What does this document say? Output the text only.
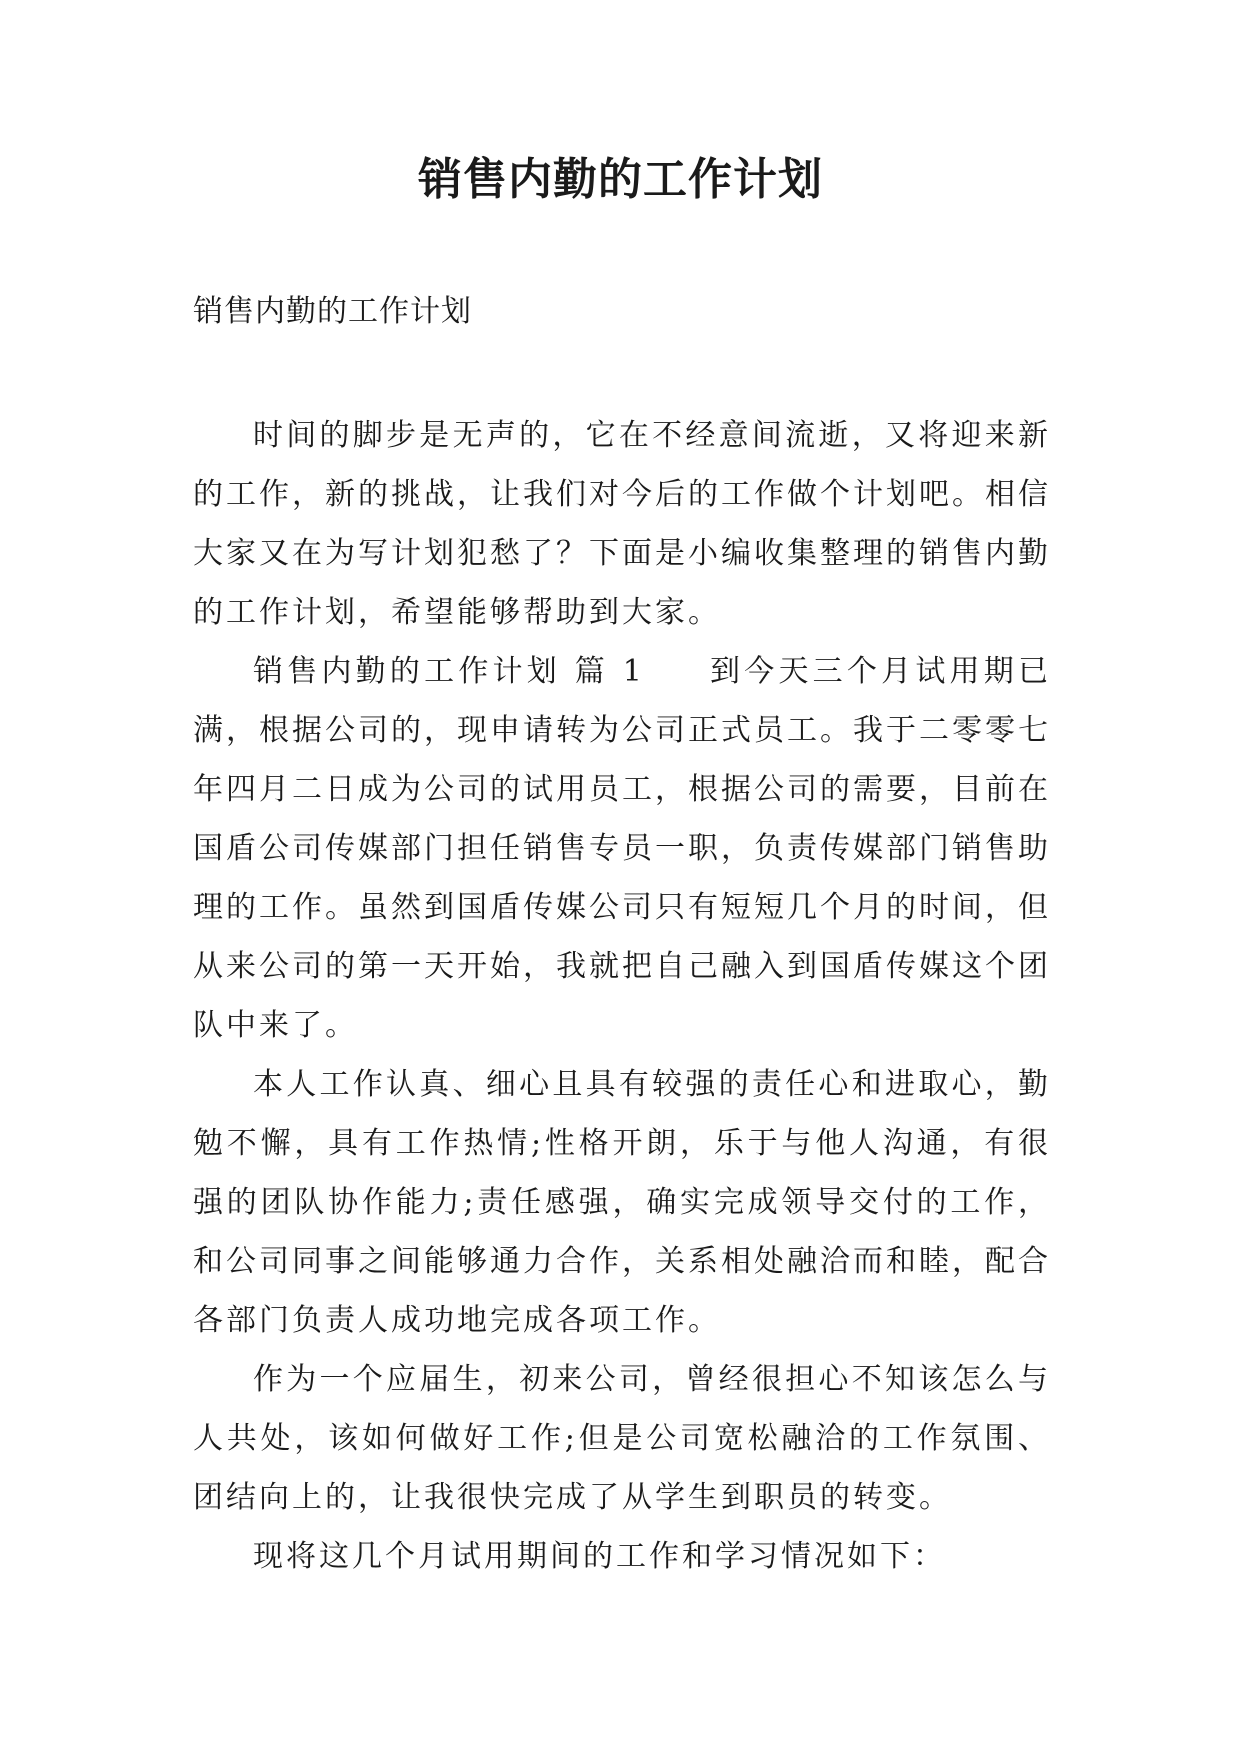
销售内勤的工作计划
销售内勤的工作计划

时间的脚步是无声的，它在不经意间流逝，又将迎来新的工作，新的挑战，让我们对今后的工作做个计划吧。相信大家又在为写计划犯愁了？下面是小编收集整理的销售内勤的工作计划，希望能够帮助到大家。

销售内勤的工作计划 篇 1 到今天三个月试用期已满，根据公司的，现申请转为公司正式员工。我于二零零七年四月二日成为公司的试用员工，根据公司的需要，目前在国盾公司传媒部门担任销售专员一职，负责传媒部门销售助理的工作。虽然到国盾传媒公司只有短短几个月的时间，但从来公司的第一天开始，我就把自己融入到国盾传媒这个团队中来了。

本人工作认真、细心且具有较强的责任心和进取心，勤勉不懈，具有工作热情;性格开朗，乐于与他人沟通，有很强的团队协作能力;责任感强，确实完成领导交付的工作，和公司同事之间能够通力合作，关系相处融洽而和睦，配合各部门负责人成功地完成各项工作。

作为一个应届生，初来公司，曾经很担心不知该怎么与人共处，该如何做好工作;但是公司宽松融洽的工作氛围、团结向上的，让我很快完成了从学生到职员的转变。

现将这几个月试用期间的工作和学习情况如下：
